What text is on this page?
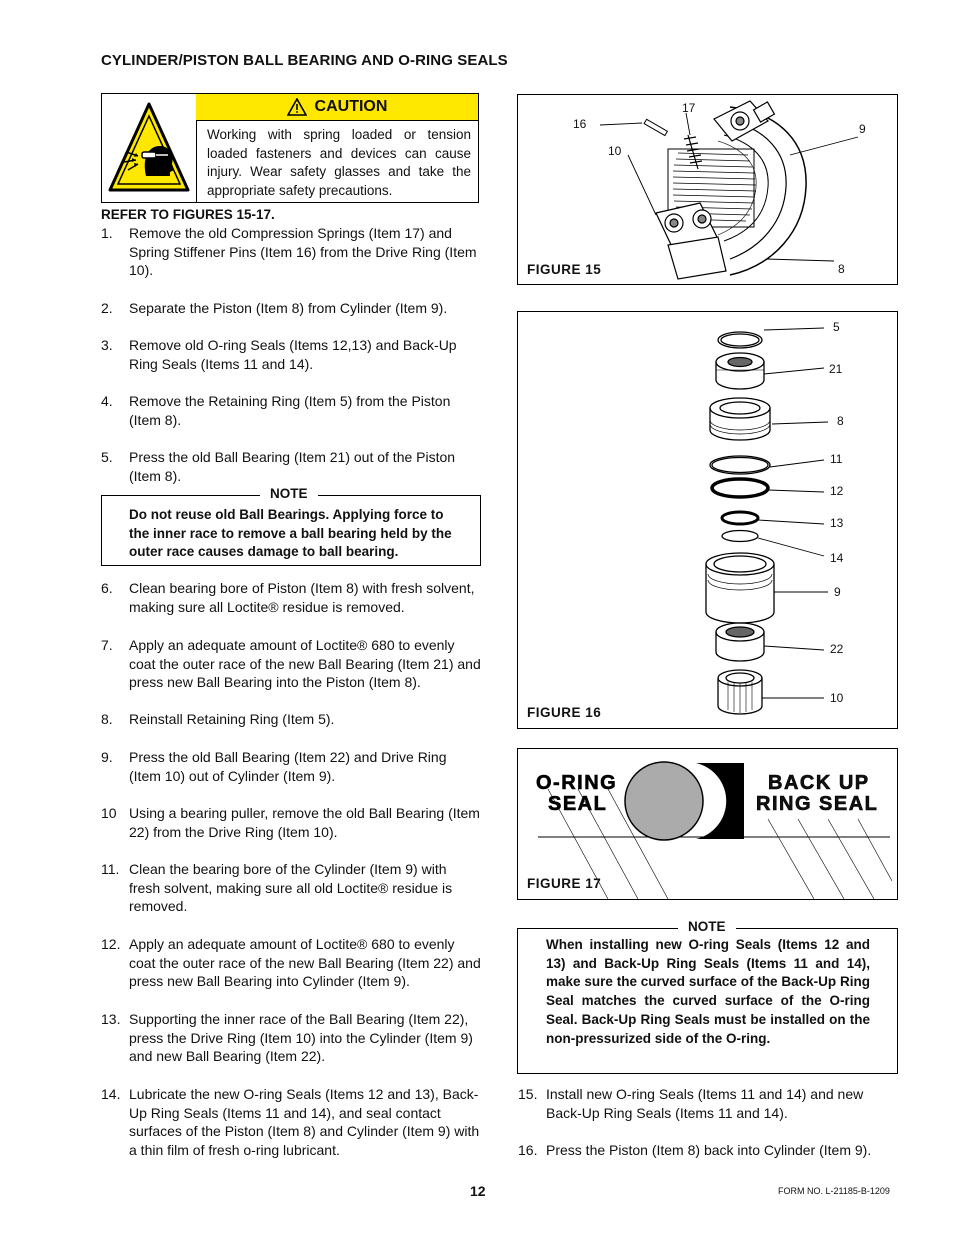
CYLINDER/PISTON BALL BEARING AND O-RING SEALS
CAUTION
Working with spring loaded or tension loaded fasteners and devices can cause injury. Wear safety glasses and take the appropriate safety precautions.
REFER TO FIGURES 15-17.
1. Remove the old Compression Springs (Item 17) and Spring Stiffener Pins (Item 16) from the Drive Ring (Item 10).
2. Separate the Piston (Item 8) from Cylinder (Item 9).
3. Remove old O-ring Seals (Items 12,13) and Back-Up Ring Seals (Items 11 and 14).
4. Remove the Retaining Ring (Item 5) from the Piston (Item 8).
5. Press the old Ball Bearing (Item 21) out of the Piston (Item 8).
NOTE
Do not reuse old Ball Bearings. Applying force to the inner race to remove a ball bearing held by the outer race causes damage to ball bearing.
6. Clean bearing bore of Piston (Item 8) with fresh solvent, making sure all Loctite® residue is removed.
7. Apply an adequate amount of Loctite® 680 to evenly coat the outer race of the new Ball Bearing (Item 21) and press new Ball Bearing into the Piston (Item 8).
8. Reinstall Retaining Ring (Item 5).
9. Press the old Ball Bearing (Item 22) and Drive Ring (Item 10) out of Cylinder (Item 9).
10 Using a bearing puller, remove the old Ball Bearing (Item 22) from the Drive Ring (Item 10).
11. Clean the bearing bore of the Cylinder (Item 9) with fresh solvent, making sure all old Loctite® residue is removed.
12. Apply an adequate amount of Loctite® 680 to evenly coat the outer race of the new Ball Bearing (Item 22) and press new Ball Bearing into Cylinder (Item 9).
13. Supporting the inner race of the Ball Bearing (Item 22), press the Drive Ring (Item 10) into the Cylinder (Item 9) and new Ball Bearing (Item 22).
14. Lubricate the new O-ring Seals (Items 12 and 13), Back-Up Ring Seals (Items 11 and 14), and seal contact surfaces of the Piston (Item 8) and Cylinder (Item 9) with a thin film of fresh o-ring lubricant.
17
16
10
9
8
FIGURE 15
5
21
8
11
12
13
14
9
22
10
FIGURE 16
O-RING
SEAL
BACK UP
RING SEAL
FIGURE 17
NOTE
When installing new O-ring Seals (Items 12 and 13) and Back-Up Ring Seals (Items 11 and 14), make sure the curved surface of the Back-Up Ring Seal matches the curved surface of the O-ring Seal. Back-Up Ring Seals must be installed on the non-pressurized side of the O-ring.
15. Install new O-ring Seals (Items 11 and 14) and new Back-Up Ring Seals (Items 11 and 14).
16. Press the Piston (Item 8) back into Cylinder (Item 9).
12	FORM NO. L-21185-B-1209
